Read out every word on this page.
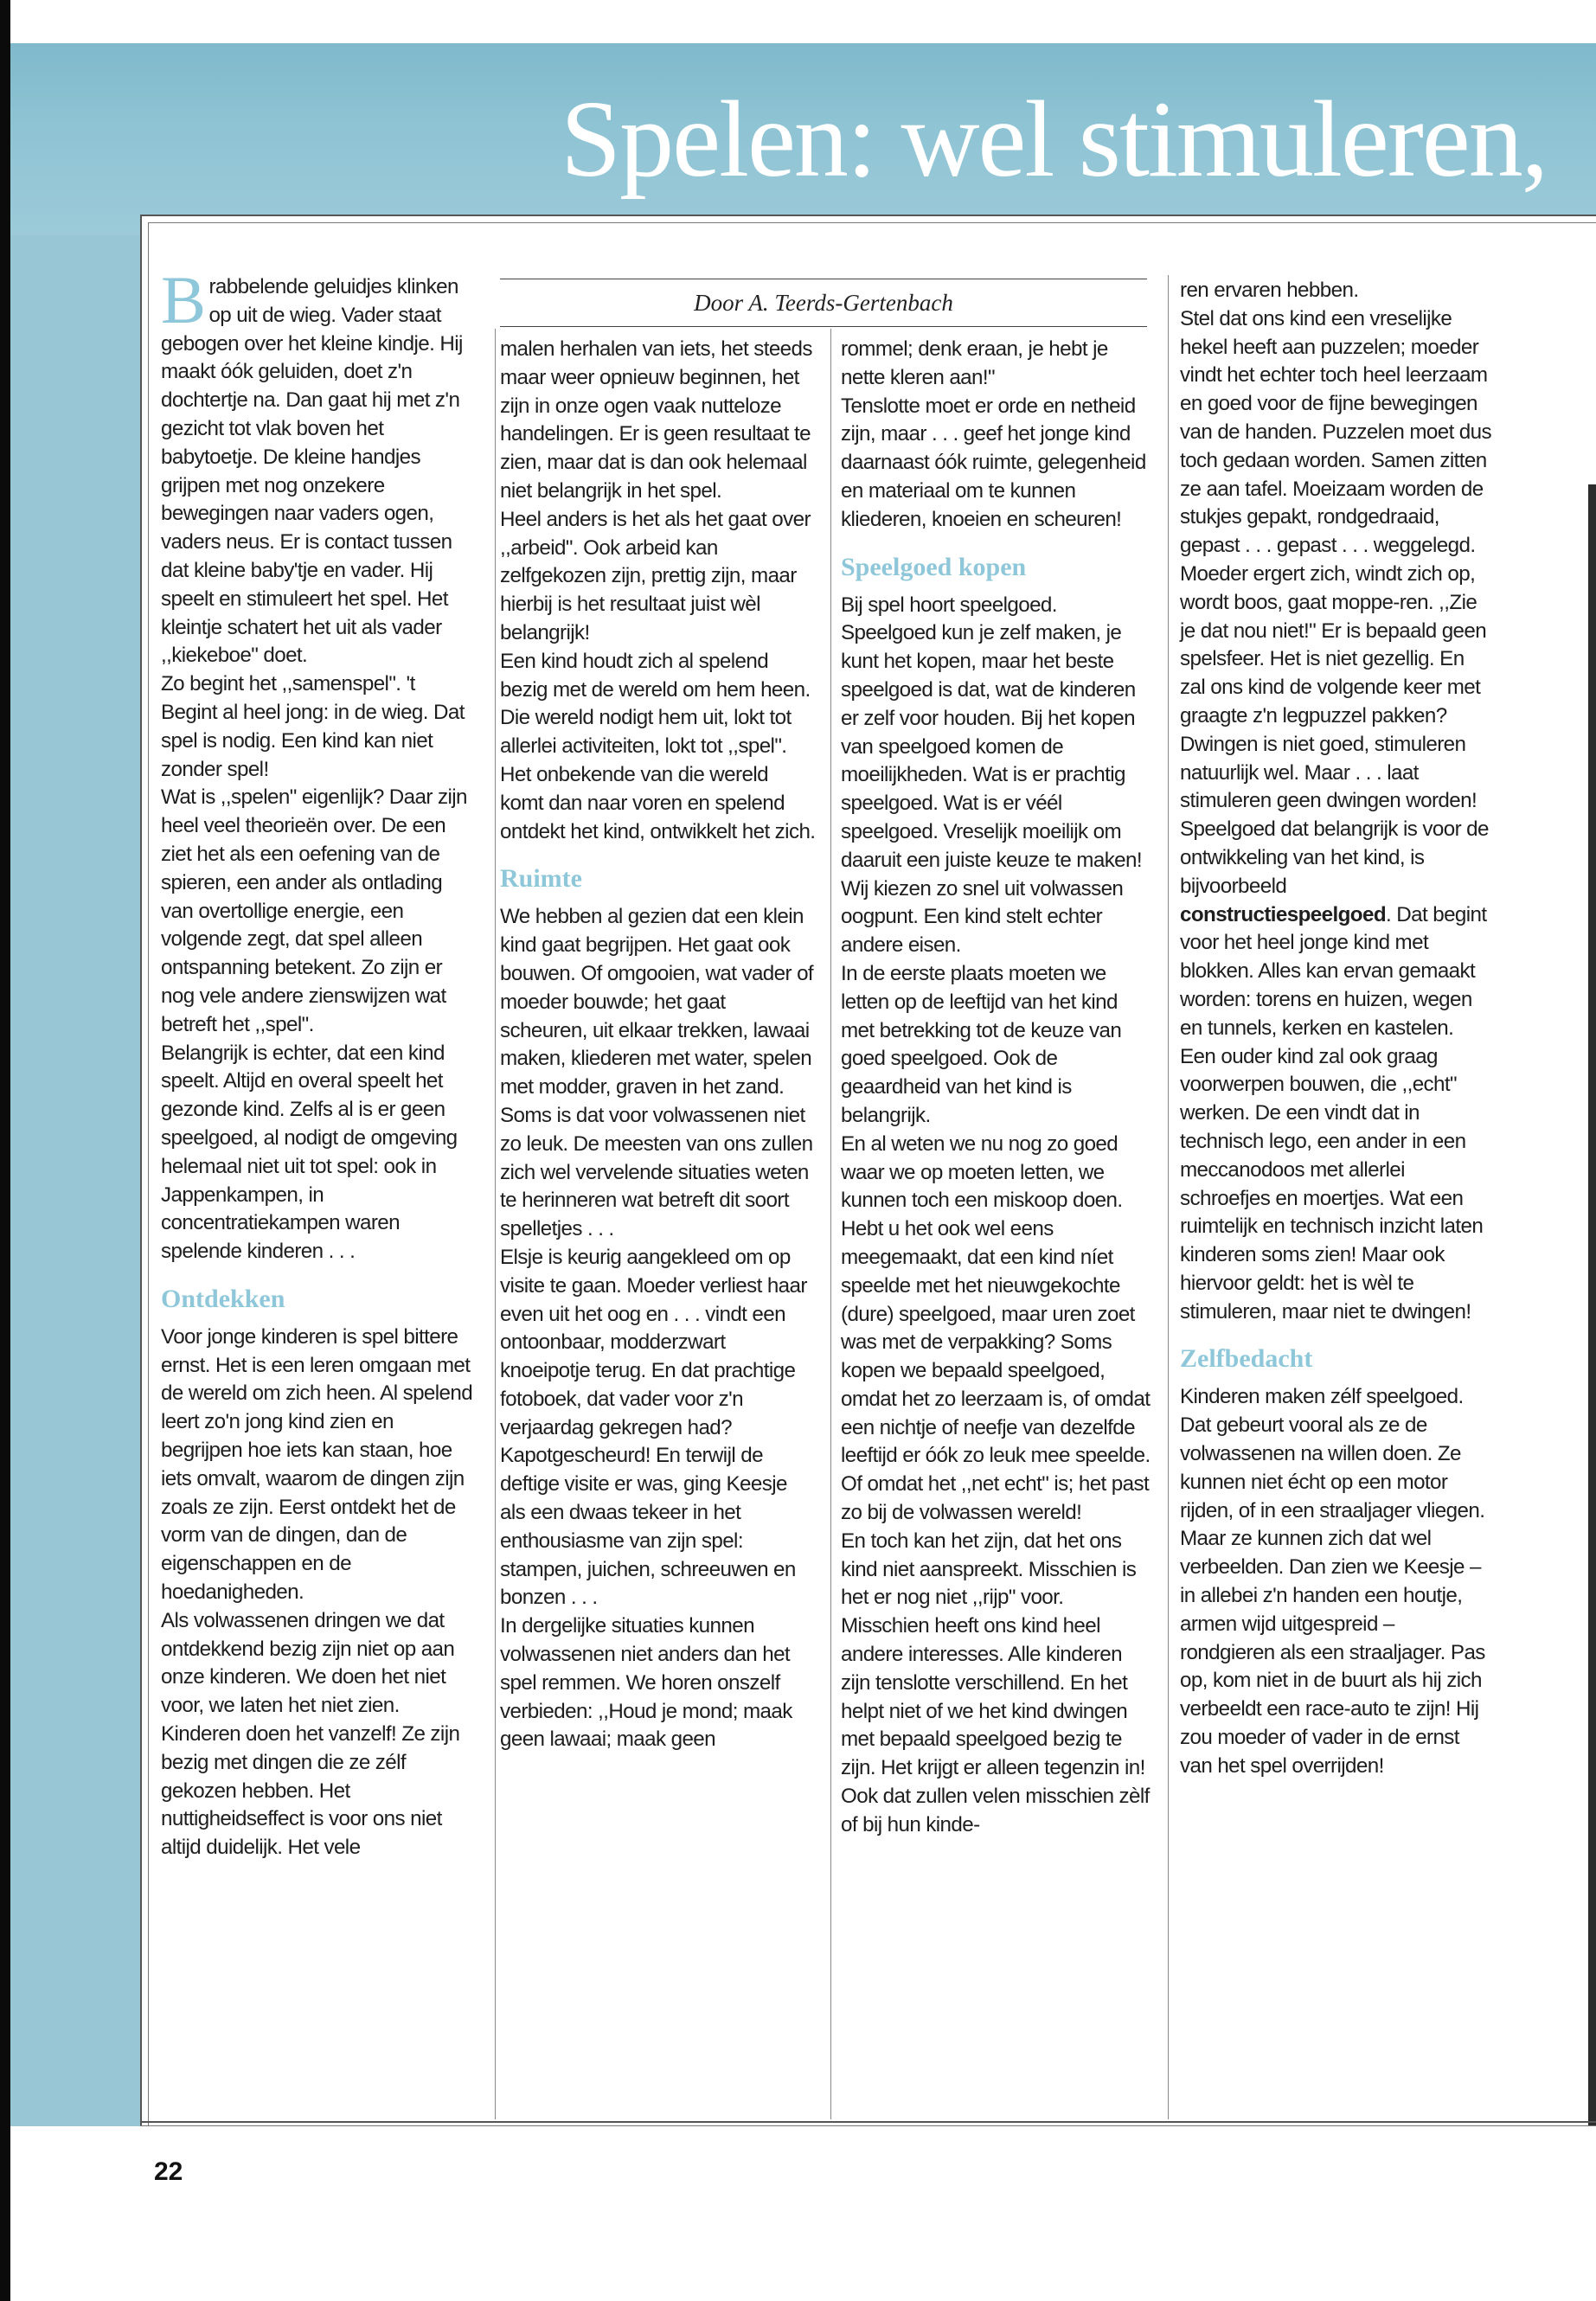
Spelen: wel stimuleren,
Door A. Teerds-Gertenbach
B rabbelende geluidjes klinken op uit de wieg. Vader staat gebogen over het kleine kindje. Hij maakt óók geluiden, doet z'n dochtertje na. Dan gaat hij met z'n gezicht tot vlak boven het babytoetje. De kleine handjes grijpen met nog onzekere bewegingen naar vaders ogen, vaders neus. Er is contact tussen dat kleine baby'tje en vader. Hij speelt en stimuleert het spel. Het kleintje schatert het uit als vader ,,kiekeboe" doet.
Zo begint het ,,samenspel". 't Begint al heel jong: in de wieg. Dat spel is nodig. Een kind kan niet zonder spel!
Wat is ,,spelen" eigenlijk? Daar zijn heel veel theorieën over. De een ziet het als een oefening van de spieren, een ander als ontlading van overtollige energie, een volgende zegt, dat spel alleen ontspanning betekent. Zo zijn er nog vele andere zienswijzen wat betreft het ,,spel".
Belangrijk is echter, dat een kind speelt. Altijd en overal speelt het gezonde kind. Zelfs al is er geen speelgoed, al nodigt de omgeving helemaal niet uit tot spel: ook in Jappenkampen, in concentratiekampen waren spelende kinderen . . .

Ontdekken

Voor jonge kinderen is spel bittere ernst. Het is een leren omgaan met de wereld om zich heen. Al spelend leert zo'n jong kind zien en begrijpen hoe iets kan staan, hoe iets omvalt, waarom de dingen zijn zoals ze zijn. Eerst ontdekt het de vorm van de dingen, dan de eigenschappen en de hoedanigheden.
Als volwassenen dringen we dat ontdekkend bezig zijn niet op aan onze kinderen. We doen het niet voor, we laten het niet zien. Kinderen doen het vanzelf! Ze zijn bezig met dingen die ze zélf gekozen hebben. Het nuttigheidseffect is voor ons niet altijd duidelijk. Het vele

malen herhalen van iets, het steeds maar weer opnieuw beginnen, het zijn in onze ogen vaak nutteloze handelingen. Er is geen resultaat te zien, maar dat is dan ook helemaal niet belangrijk in het spel.
Heel anders is het als het gaat over ,,arbeid". Ook arbeid kan zelfgekozen zijn, prettig zijn, maar hierbij is het resultaat juist wèl belangrijk!
Een kind houdt zich al spelend bezig met de wereld om hem heen. Die wereld nodigt hem uit, lokt tot allerlei activiteiten, lokt tot ,,spel". Het onbekende van die wereld komt dan naar voren en spelend ontdekt het kind, ontwikkelt het zich.

Ruimte

We hebben al gezien dat een klein kind gaat begrijpen. Het gaat ook bouwen. Of omgooien, wat vader of moeder bouwde; het gaat scheuren, uit elkaar trekken, lawaai maken, kliederen met water, spelen met modder, graven in het zand. Soms is dat voor volwassenen niet zo leuk. De meesten van ons zullen zich wel vervelende situaties weten te herinneren wat betreft dit soort spelletjes . . .
Elsje is keurig aangekleed om op visite te gaan. Moeder verliest haar even uit het oog en . . . vindt een ontoonbaar, modderzwart knoeipotje terug. En dat prachtige fotoboek, dat vader voor z'n verjaardag gekregen had? Kapotgescheurd! En terwijl de deftige visite er was, ging Keesje als een dwaas tekeer in het enthousiasme van zijn spel: stampen, juichen, schreeuwen en bonzen . . .
In dergelijke situaties kunnen volwassenen niet anders dan het spel remmen. We horen onszelf verbieden: ,,Houd je mond; maak geen lawaai; maak geen

rommel; denk eraan, je hebt je nette kleren aan!"
Tenslotte moet er orde en netheid zijn, maar . . . geef het jonge kind daarnaast óók ruimte, gelegenheid en materiaal om te kunnen kliederen, knoeien en scheuren!

Speelgoed kopen

Bij spel hoort speelgoed. Speelgoed kun je zelf maken, je kunt het kopen, maar het beste speelgoed is dat, wat de kinderen er zelf voor houden. Bij het kopen van speelgoed komen de moeilijkheden. Wat is er prachtig speelgoed. Wat is er véél speelgoed. Vreselijk moeilijk om daaruit een juiste keuze te maken! Wij kiezen zo snel uit volwassen oogpunt. Een kind stelt echter andere eisen.
In de eerste plaats moeten we letten op de leeftijd van het kind met betrekking tot de keuze van goed speelgoed. Ook de geaardheid van het kind is belangrijk.
En al weten we nu nog zo goed waar we op moeten letten, we kunnen toch een miskoop doen. Hebt u het ook wel eens meegemaakt, dat een kind níet speelde met het nieuwgekochte (dure) speelgoed, maar uren zoet was met de verpakking? Soms kopen we bepaald speelgoed, omdat het zo leerzaam is, of omdat een nichtje of neefje van dezelfde leeftijd er óók zo leuk mee speelde. Of omdat het ,,net echt" is; het past zo bij de volwassen wereld!
En toch kan het zijn, dat het ons kind niet aanspreekt. Misschien is het er nog niet ,,rijp" voor. Misschien heeft ons kind heel andere interesses. Alle kinderen zijn tenslotte verschillend. En het helpt niet of we het kind dwingen met bepaald speelgoed bezig te zijn. Het krijgt er alleen tegenzin in! Ook dat zullen velen misschien zèlf of bij hun kinde-

ren ervaren hebben.
Stel dat ons kind een vreselijke hekel heeft aan puzzelen; moeder vindt het echter toch heel leerzaam en goed voor de fijne bewegingen van de handen. Puzzelen moet dus toch gedaan worden. Samen zitten ze aan tafel. Moeizaam worden de stukjes gepakt, rondgedraaid, gepast . . . gepast . . . weggelegd. Moeder ergert zich, windt zich op, wordt boos, gaat moppe-ren. ,,Zie je dat nou niet!" Er is bepaald geen spelsfeer. Het is niet gezellig. En zal ons kind de volgende keer met graagte z'n legpuzzel pakken? Dwingen is niet goed, stimuleren natuurlijk wel. Maar . . . laat stimuleren geen dwingen worden!
Speelgoed dat belangrijk is voor de ontwikkeling van het kind, is bijvoorbeeld constructiespeelgoed. Dat begint voor het heel jonge kind met blokken. Alles kan ervan gemaakt worden: torens en huizen, wegen en tunnels, kerken en kastelen. Een ouder kind zal ook graag voorwerpen bouwen, die ,,echt" werken. De een vindt dat in technisch lego, een ander in een meccanodoos met allerlei schroefjes en moertjes. Wat een ruimtelijk en technisch inzicht laten kinderen soms zien! Maar ook hiervoor geldt: het is wèl te stimuleren, maar niet te dwingen!

Zelfbedacht

Kinderen maken zélf speelgoed. Dat gebeurt vooral als ze de volwassenen na willen doen. Ze kunnen niet écht op een motor rijden, of in een straaljager vliegen. Maar ze kunnen zich dat wel verbeelden. Dan zien we Keesje – in allebei z'n handen een houtje, armen wijd uitgespreid – rondgieren als een straaljager. Pas op, kom niet in de buurt als hij zich verbeeldt een race-auto te zijn! Hij zou moeder of vader in de ernst van het spel overrijden!

22
